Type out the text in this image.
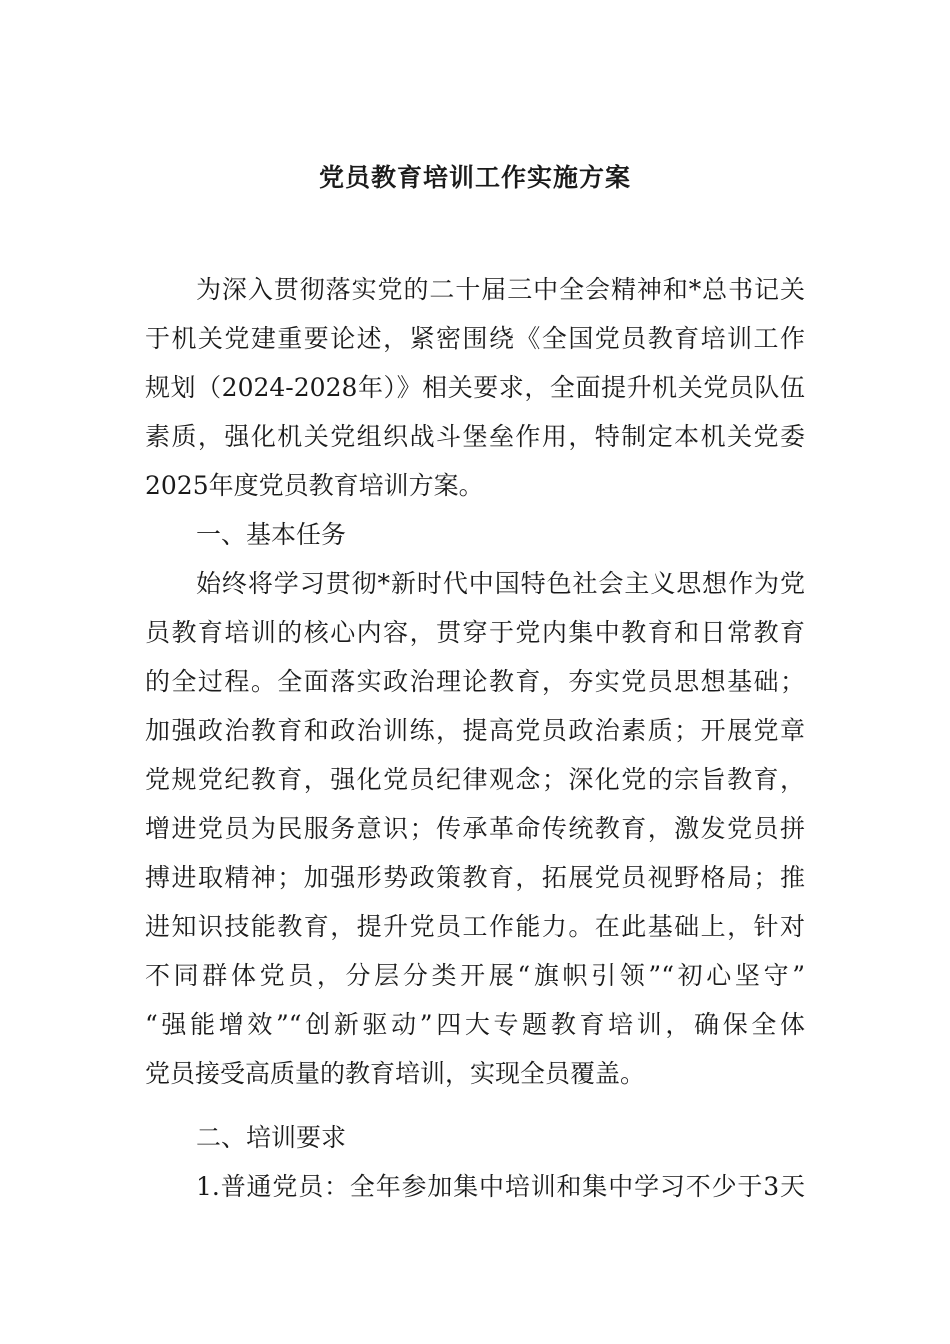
党员教育培训工作实施方案
为深入贯彻落实党的二十届三中全会精神和*总书记关
于机关党建重要论述，紧密围绕《全国党员教育培训工作
规划（2024-2028年）》相关要求，全面提升机关党员队伍
素质，强化机关党组织战斗堡垒作用，特制定本机关党委
2025年度党员教育培训方案。
一、基本任务
始终将学习贯彻*新时代中国特色社会主义思想作为党
员教育培训的核心内容，贯穿于党内集中教育和日常教育
的全过程。全面落实政治理论教育，夯实党员思想基础；
加强政治教育和政治训练，提高党员政治素质；开展党章
党规党纪教育，强化党员纪律观念；深化党的宗旨教育，
增进党员为民服务意识；传承革命传统教育，激发党员拼
搏进取精神；加强形势政策教育，拓展党员视野格局；推
进知识技能教育，提升党员工作能力。在此基础上，针对
不同群体党员，分层分类开展“旗帜引领”“初心坚守”
“强能增效”“创新驱动”四大专题教育培训，确保全体
党员接受高质量的教育培训，实现全员覆盖。
二、培训要求
1.普通党员：全年参加集中培训和集中学习不少于3天
